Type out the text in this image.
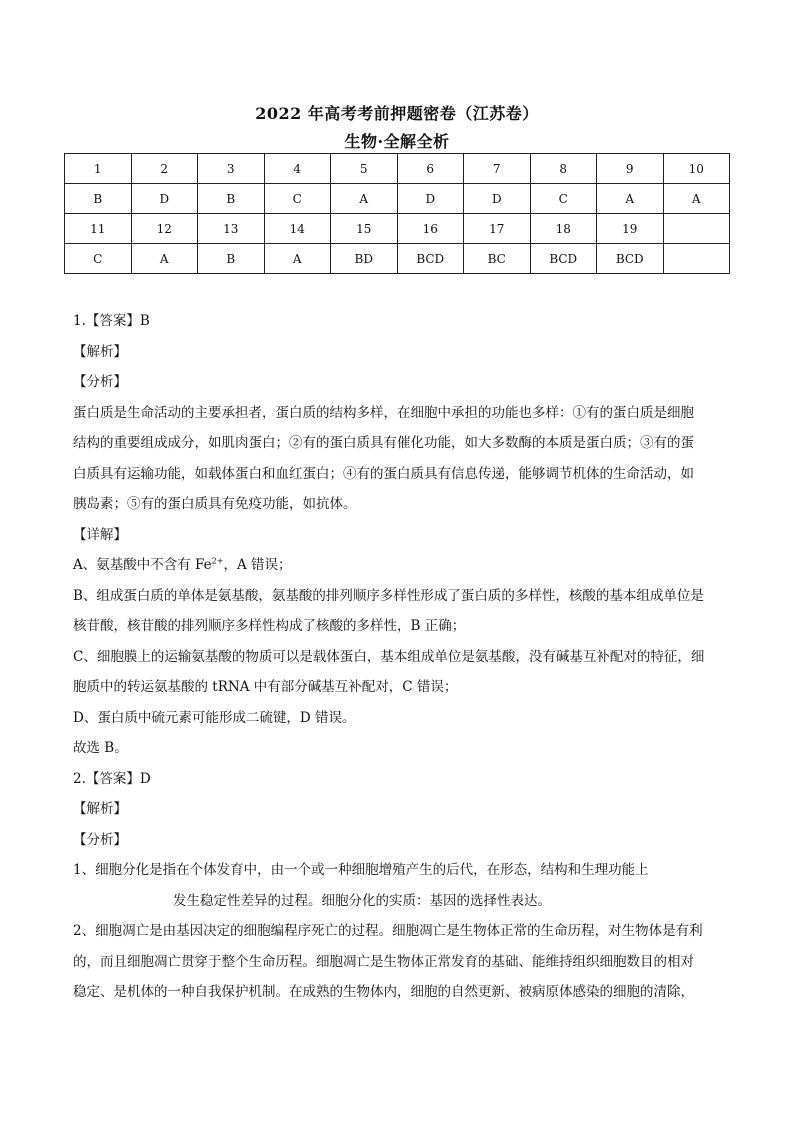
2022 年高考考前押题密卷（江苏卷）
生物·全解全析
1	2	3	4	5	6	7	8	9	10
B	D	B	C	A	D	D	C	A	A
11	12	13	14	15	16	17	18	19	
C	A	B	A	BD	BCD	BC	BCD	BCD	

1.【答案】B

【解析】

【分析】

蛋白质是生命活动的主要承担者，蛋白质的结构多样，在细胞中承担的功能也多样：①有的蛋白质是细胞

结构的重要组成成分，如肌肉蛋白；②有的蛋白质具有催化功能，如大多数酶的本质是蛋白质；③有的蛋

白质具有运输功能，如载体蛋白和血红蛋白；④有的蛋白质具有信息传递，能够调节机体的生命活动，如

胰岛素；⑤有的蛋白质具有免疫功能，如抗体。

【详解】

A、氨基酸中不含有 $Fe^{2+}$，A 错误；

B、组成蛋白质的单体是氨基酸，氨基酸的排列顺序多样性形成了蛋白质的多样性，核酸的基本组成单位是

核苷酸，核苷酸的排列顺序多样性构成了核酸的多样性，B 正确；

C、细胞膜上的运输氨基酸的物质可以是载体蛋白，基本组成单位是氨基酸，没有碱基互补配对的特征，细

胞质中的转运氨基酸的 tRNA 中有部分碱基互补配对，C 错误；

D、蛋白质中硫元素可能形成二硫键，D 错误。

故选 B。

2.【答案】D

【解析】

【分析】

1、细胞分化是指在个体发育中，由一个或一种细胞增殖产生的后代，在形态，结构和生理功能上

发生稳定性差异的过程。细胞分化的实质：基因的选择性表达。

2、细胞凋亡是由基因决定的细胞编程序死亡的过程。细胞凋亡是生物体正常的生命历程，对生物体是有利

的，而且细胞凋亡贯穿于整个生命历程。细胞凋亡是生物体正常发育的基础、能维持组织细胞数目的相对

稳定、是机体的一种自我保护机制。在成熟的生物体内，细胞的自然更新、被病原体感染的细胞的清除，
